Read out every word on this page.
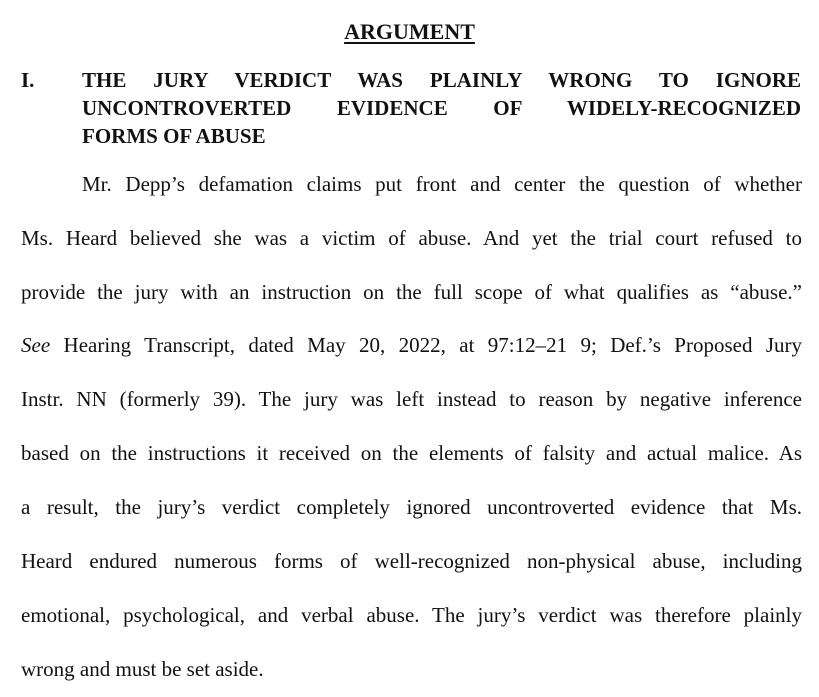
ARGUMENT
I. THE JURY VERDICT WAS PLAINLY WRONG TO IGNORE
UNCONTROVERTED EVIDENCE OF WIDELY-RECOGNIZED
FORMS OF ABUSE
Mr. Depp’s defamation claims put front and center the question of whether
Ms. Heard believed she was a victim of abuse. And yet the trial court refused to
provide the jury with an instruction on the full scope of what qualifies as “abuse.”
See Hearing Transcript, dated May 20, 2022, at 97:12–21 9; Def.’s Proposed Jury
Instr. NN (formerly 39). The jury was left instead to reason by negative inference
based on the instructions it received on the elements of falsity and actual malice. As
a result, the jury’s verdict completely ignored uncontroverted evidence that Ms.
Heard endured numerous forms of well-recognized non-physical abuse, including
emotional, psychological, and verbal abuse. The jury’s verdict was therefore plainly
wrong and must be set aside.
